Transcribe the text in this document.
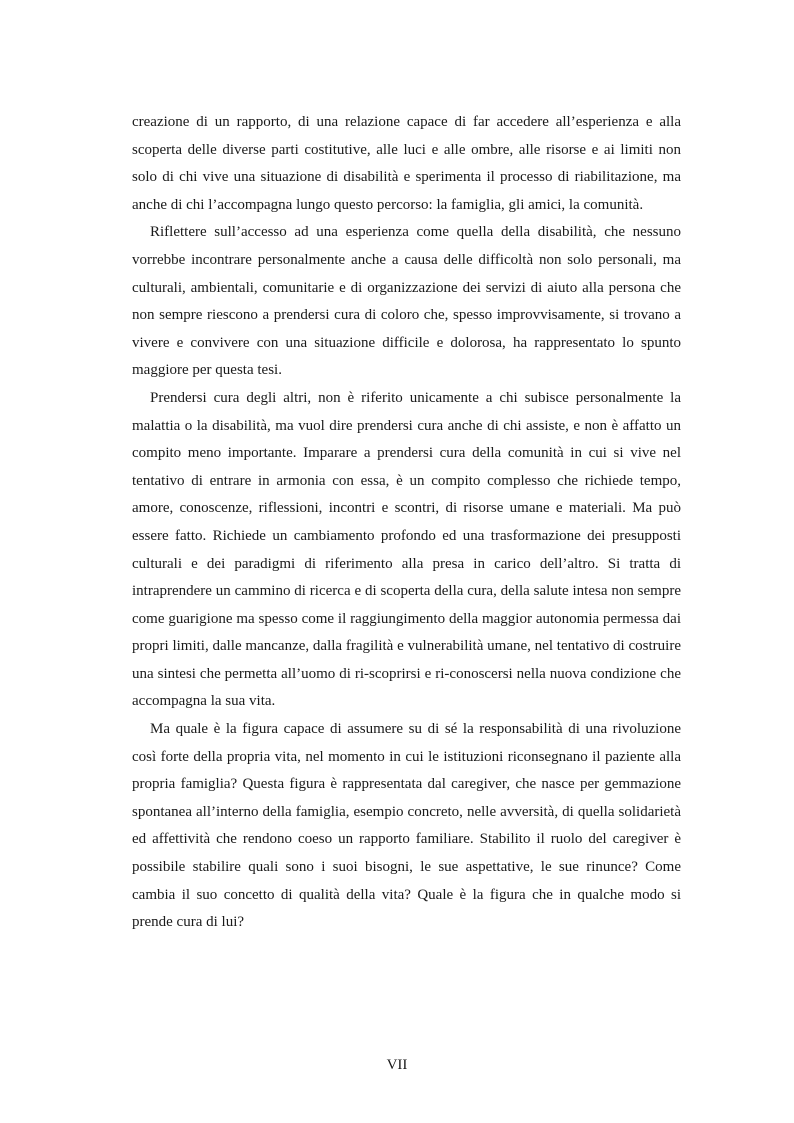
creazione di un rapporto, di una relazione capace di far accedere all’esperienza e alla scoperta delle diverse parti costitutive, alle luci e alle ombre, alle risorse e ai limiti non solo di chi vive una situazione di disabilità e sperimenta il processo di riabilitazione, ma anche di chi l’accompagna lungo questo percorso: la famiglia, gli amici, la comunità.

Riflettere sull’accesso ad una esperienza come quella della disabilità, che nessuno vorrebbe incontrare personalmente anche a causa delle difficoltà non solo personali, ma culturali, ambientali, comunitarie e di organizzazione dei servizi di aiuto alla persona che non sempre riescono a prendersi cura di coloro che, spesso improvvisamente, si trovano a vivere e convivere con una situazione difficile e dolorosa, ha rappresentato lo spunto maggiore per questa tesi.

Prendersi cura degli altri, non è riferito unicamente a chi subisce personalmente la malattia o la disabilità, ma vuol dire prendersi cura anche di chi assiste, e non è affatto un compito meno importante. Imparare a prendersi cura della comunità in cui si vive nel tentativo di entrare in armonia con essa, è un compito complesso che richiede tempo, amore, conoscenze, riflessioni, incontri e scontri, di risorse umane e materiali. Ma può essere fatto. Richiede un cambiamento profondo ed una trasformazione dei presupposti culturali e dei paradigmi di riferimento alla presa in carico dell’altro. Si tratta di intraprendere un cammino di ricerca e di scoperta della cura, della salute intesa non sempre come guarigione ma spesso come il raggiungimento della maggior autonomia permessa dai propri limiti, dalle mancanze, dalla fragilità e vulnerabilità umane, nel tentativo di costruire una sintesi che permetta all’uomo di ri-scoprirsi e ri-conoscersi nella nuova condizione che accompagna la sua vita.

Ma quale è la figura capace di assumere su di sé la responsabilità di una rivoluzione così forte della propria vita, nel momento in cui le istituzioni riconsegnano il paziente alla propria famiglia? Questa figura è rappresentata dal caregiver, che nasce per gemmazione spontanea all’interno della famiglia, esempio concreto, nelle avversità, di quella solidarietà ed affettività che rendono coeso un rapporto familiare. Stabilito il ruolo del caregiver è possibile stabilire quali sono i suoi bisogni, le sue aspettative, le sue rinunce? Come cambia il suo concetto di qualità della vita? Quale è la figura che in qualche modo si prende cura di lui?

VII
